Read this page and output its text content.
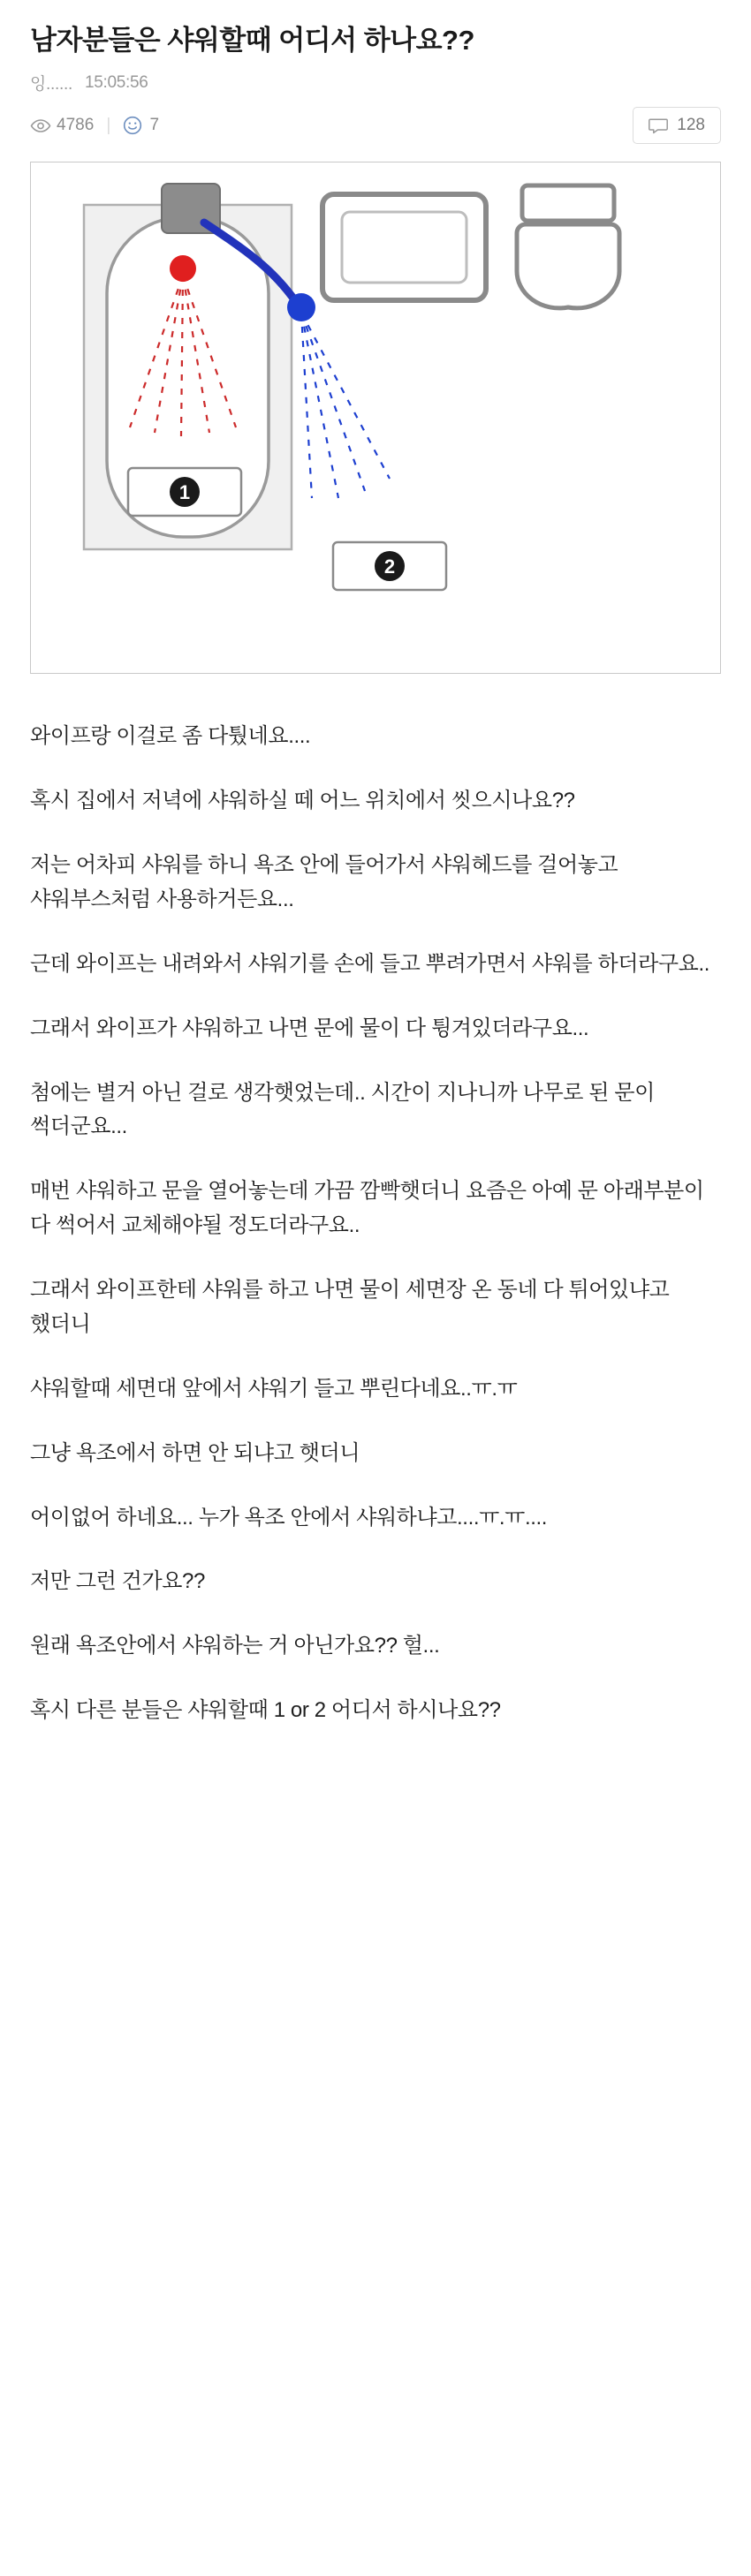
남자분들은 샤워할때 어디서 하나요??
잉...... 15:05:56
4786 | 7	128
1
2

와이프랑 이걸로 좀 다퉜네요....

혹시 집에서 저녁에 샤워하실 떼 어느 위치에서 씻으시나요??

저는 어차피 샤워를 하니 욕조 안에 들어가서 샤워헤드를 걸어놓고 샤워부스처럼 사용하거든요...

근데 와이프는 내려와서 샤워기를 손에 들고 뿌려가면서 샤워를 하더라구요..

그래서 와이프가 샤워하고 나면 문에 물이 다 튕겨있더라구요...

첨에는 별거 아닌 걸로 생각햇었는데.. 시간이 지나니까 나무로 된 문이 썩더군요...

매번 샤워하고 문을 열어놓는데 가끔 깜빡햇더니 요즘은 아예 문 아래부분이 다 썩어서 교체해야될 정도더라구요..

그래서 와이프한테 샤워를 하고 나면 물이 세면장 온 동네 다 튀어있냐고 했더니

샤워할때 세면대 앞에서 샤워기 들고 뿌린다네요..ㅠ.ㅠ

그냥 욕조에서 하면 안 되냐고 햇더니

어이없어 하네요... 누가 욕조 안에서 샤워하냐고....ㅠ.ㅠ....

저만 그런 건가요??

원래 욕조안에서 샤워하는 거 아닌가요?? 헐...

혹시 다른 분들은 샤워할때 1 or 2 어디서 하시나요??
